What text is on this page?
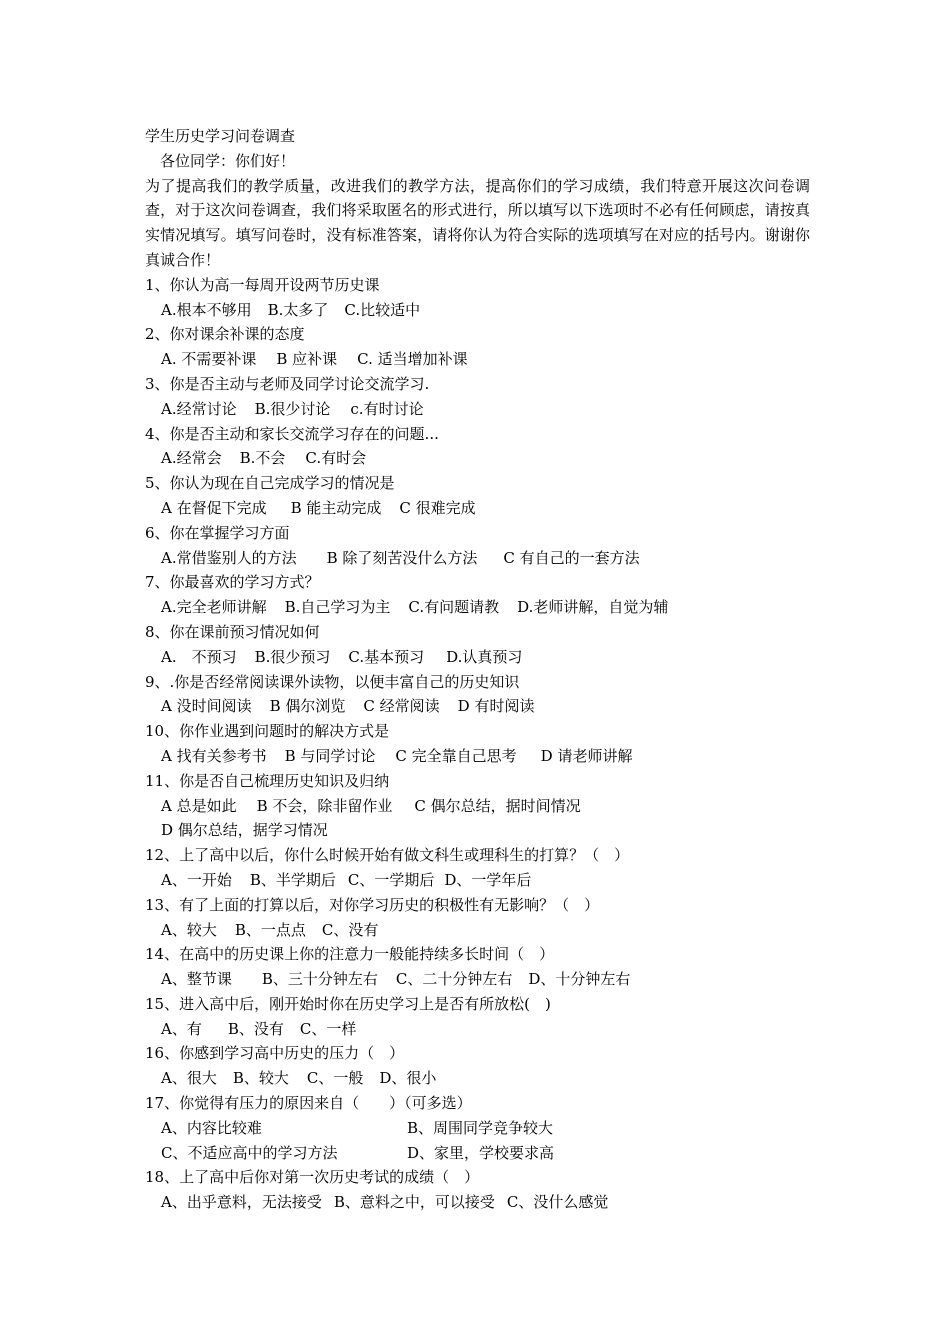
学生历史学习问卷调查
各位同学：你们好！
为了提高我们的教学质量，改进我们的教学方法，提高你们的学习成绩，我们特意开展这次问卷调查，对于这次问卷调查，我们将采取匿名的形式进行，所以填写以下选项时不必有任何顾虑，请按真实情况填写。填写问卷时，没有标准答案，请将你认为符合实际的选项填写在对应的括号内。谢谢你真诚合作！
1、你认为高一每周开设两节历史课
A.根本不够用 B.太多了 C.比较适中
2、你对课余补课的态度
A. 不需要补课 B 应补课 C. 适当增加补课
3、你是否主动与老师及同学讨论交流学习.
A.经常讨论 B.很少讨论 c.有时讨论
4、你是否主动和家长交流学习存在的问题...
A.经常会 B.不会 C.有时会
5、你认为现在自己完成学习的情况是
A 在督促下完成 B 能主动完成 C 很难完成
6、你在掌握学习方面
A.常借鉴别人的方法 B 除了刻苦没什么方法 C 有自己的一套方法
7、你最喜欢的学习方式？
A.完全老师讲解 B.自己学习为主 C.有问题请教 D.老师讲解，自觉为辅
8、你在课前预习情况如何
A.　不预习 B.很少预习 C.基本预习 D.认真预习
9、.你是否经常阅读课外读物，以便丰富自己的历史知识
A 没时间阅读 B 偶尔浏览 C 经常阅读 D 有时阅读
10、你作业遇到问题时的解决方式是
A 找有关参考书 B 与同学讨论 C 完全靠自己思考 D 请老师讲解
11、你是否自己梳理历史知识及归纳
A 总是如此 B 不会，除非留作业 C 偶尔总结，据时间情况
D 偶尔总结，据学习情况
12、上了高中以后，你什么时候开始有做文科生或理科生的打算？（　）
A、一开始 B、半学期后 C、一学期后 D、一学年后
13、有了上面的打算以后，对你学习历史的积极性有无影响？（　）
A、较大 B、一点点 C、没有
14、在高中的历史课上你的注意力一般能持续多长时间（　）
A、整节课 B、三十分钟左右 C、二十分钟左右 D、十分钟左右
15、进入高中后，刚开始时你在历史学习上是否有所放松(　)
A、有 B、没有 C、一样
16、你感到学习高中历史的压力（　）
A、很大 B、较大 C、一般 D、很小
17、你觉得有压力的原因来自（　　）（可多选）
A、内容比较难	B、周围同学竞争较大
C、不适应高中的学习方法	D、家里，学校要求高
18、上了高中后你对第一次历史考试的成绩（　）
A、出乎意料，无法接受 B、意料之中，可以接受 C、没什么感觉
